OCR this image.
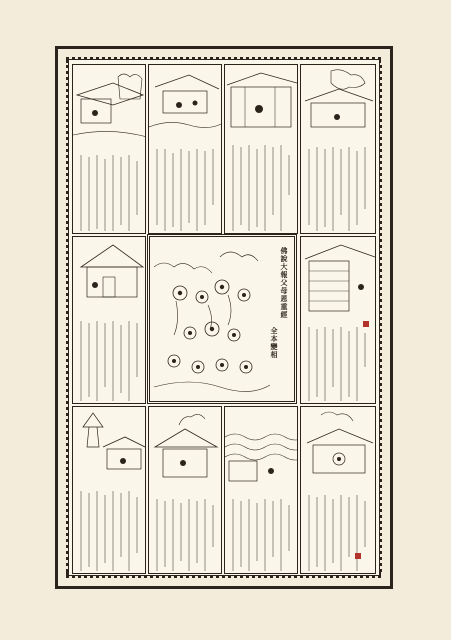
佛說大報父母恩重經
全本變相
